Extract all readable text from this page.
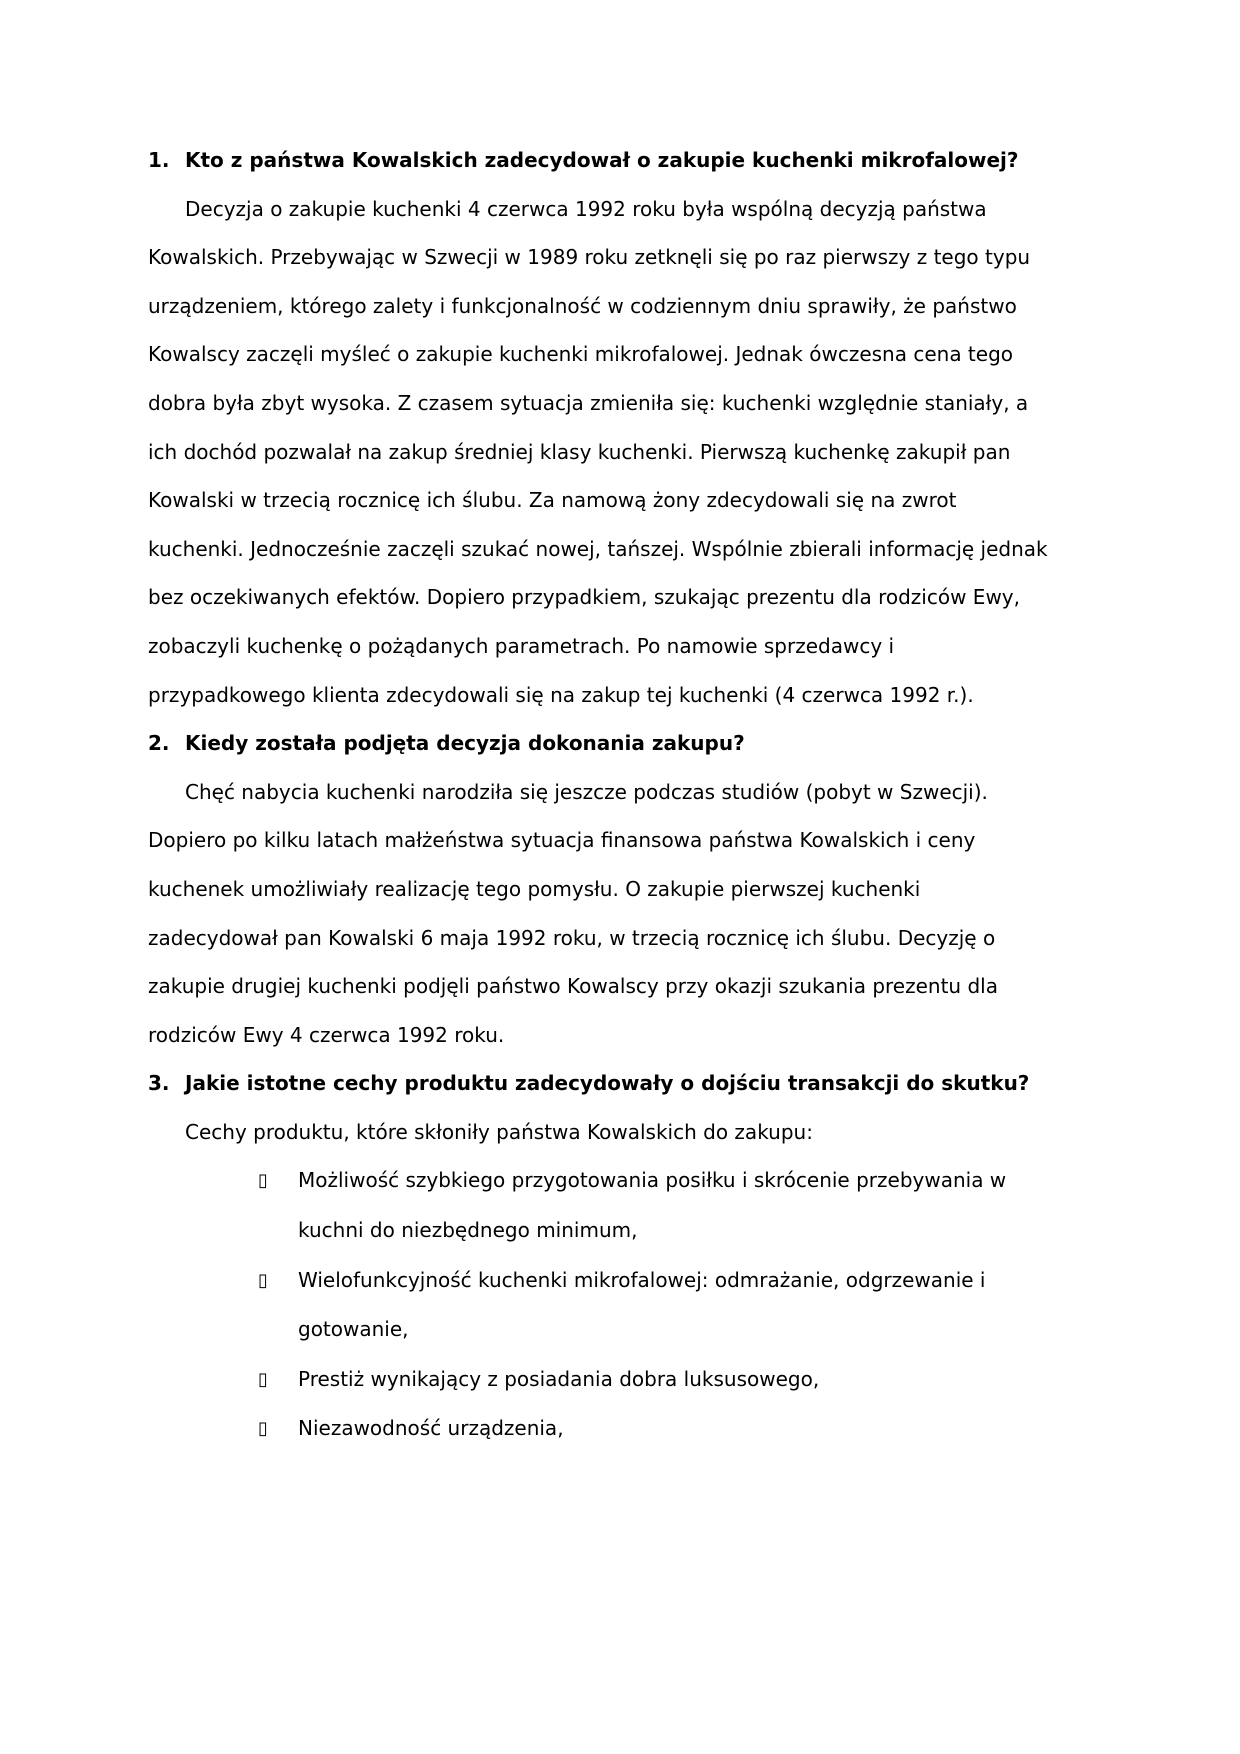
1. Kto z państwa Kowalskich zadecydował o zakupie kuchenki mikrofalowej?
Decyzja o zakupie kuchenki 4 czerwca 1992 roku była wspólną decyzją państwa
Kowalskich. Przebywając w Szwecji w 1989 roku zetknęli się po raz pierwszy z tego typu
urządzeniem, którego zalety i funkcjonalność w codziennym dniu sprawiły, że państwo
Kowalscy zaczęli myśleć o zakupie kuchenki mikrofalowej. Jednak ówczesna cena tego
dobra była zbyt wysoka. Z czasem sytuacja zmieniła się: kuchenki względnie staniały, a
ich dochód pozwalał na zakup średniej klasy kuchenki. Pierwszą kuchenkę zakupił pan
Kowalski w trzecią rocznicę ich ślubu. Za namową żony zdecydowali się na zwrot
kuchenki. Jednocześnie zaczęli szukać nowej, tańszej. Wspólnie zbierali informację jednak
bez oczekiwanych efektów. Dopiero przypadkiem, szukając prezentu dla rodziców Ewy,
zobaczyli kuchenkę o pożądanych parametrach. Po namowie sprzedawcy i
przypadkowego klienta zdecydowali się na zakup tej kuchenki (4 czerwca 1992 r.).
2. Kiedy została podjęta decyzja dokonania zakupu?
Chęć nabycia kuchenki narodziła się jeszcze podczas studiów (pobyt w Szwecji).
Dopiero po kilku latach małżeństwa sytuacja finansowa państwa Kowalskich i ceny
kuchenek umożliwiały realizację tego pomysłu. O zakupie pierwszej kuchenki
zadecydował pan Kowalski 6 maja 1992 roku, w trzecią rocznicę ich ślubu. Decyzję o
zakupie drugiej kuchenki podjęli państwo Kowalscy przy okazji szukania prezentu dla
rodziców Ewy 4 czerwca 1992 roku.
3. Jakie istotne cechy produktu zadecydowały o dojściu transakcji do skutku?
Cechy produktu, które skłoniły państwa Kowalskich do zakupu:
▯ Możliwość szybkiego przygotowania posiłku i skrócenie przebywania w
kuchni do niezbędnego minimum,
▯ Wielofunkcyjność kuchenki mikrofalowej: odmrażanie, odgrzewanie i
gotowanie,
▯ Prestiż wynikający z posiadania dobra luksusowego,
▯ Niezawodność urządzenia,
